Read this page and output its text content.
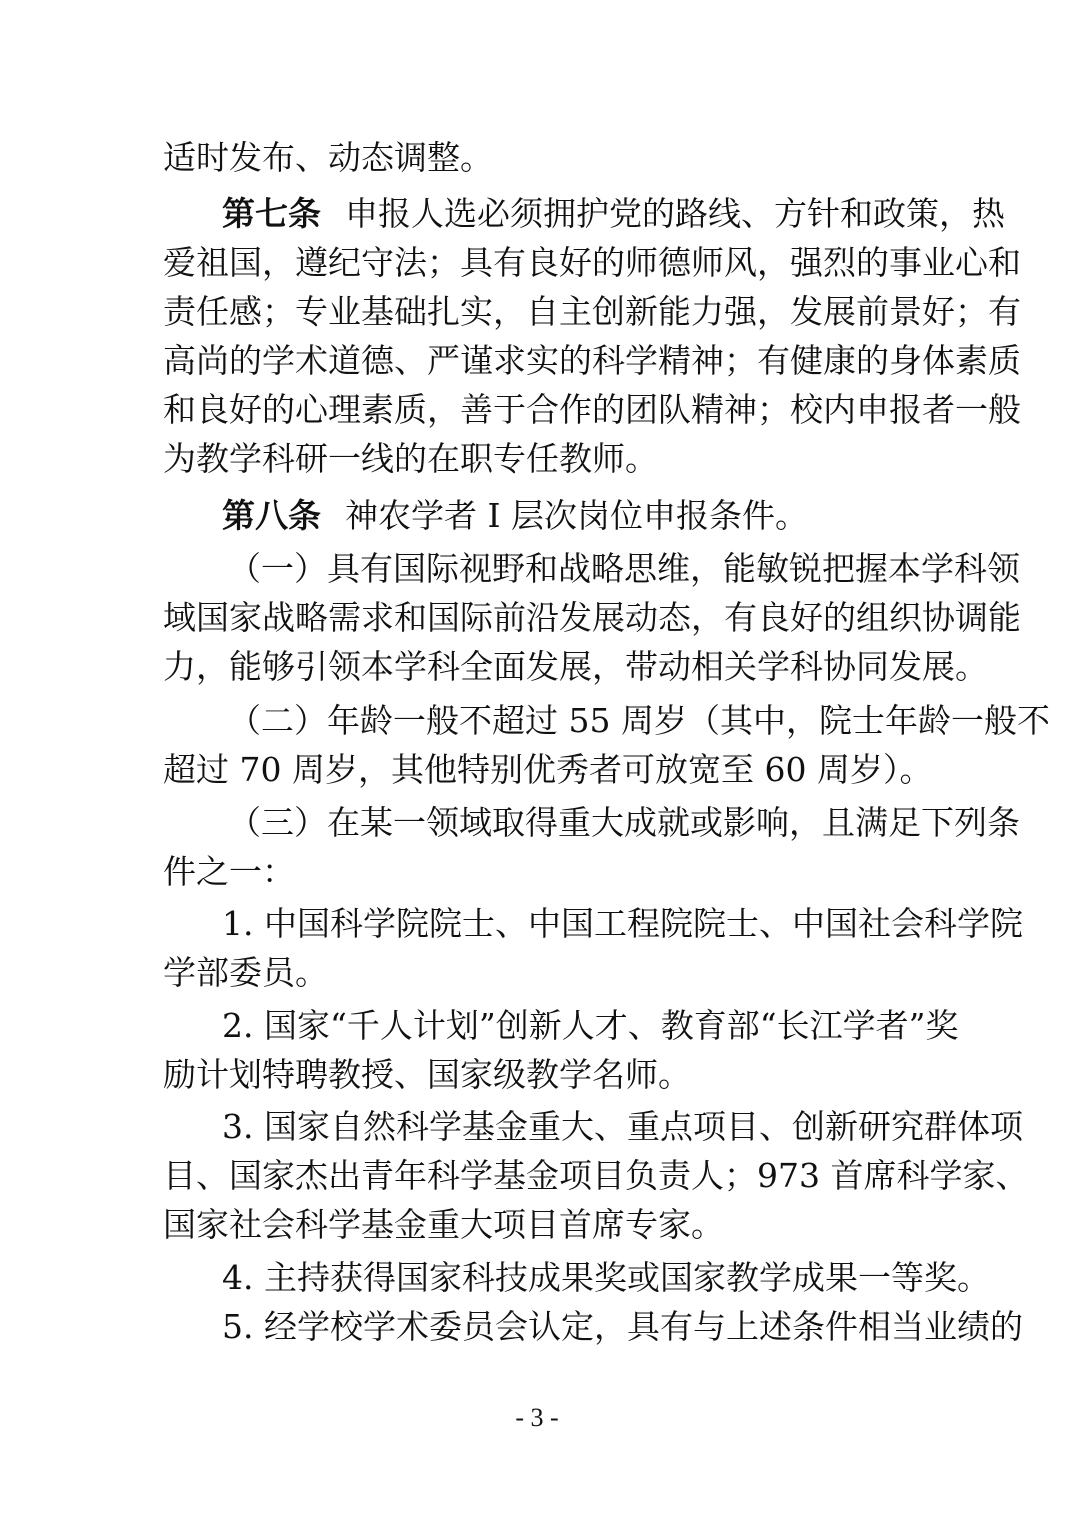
适时发布、动态调整。
第七条 申报人选必须拥护党的路线、方针和政策，热
爱祖国，遵纪守法；具有良好的师德师风，强烈的事业心和
责任感；专业基础扎实，自主创新能力强，发展前景好；有
高尚的学术道德、严谨求实的科学精神；有健康的身体素质
和良好的心理素质，善于合作的团队精神；校内申报者一般
为教学科研一线的在职专任教师。
第八条 神农学者 I 层次岗位申报条件。
（一）具有国际视野和战略思维，能敏锐把握本学科领
域国家战略需求和国际前沿发展动态，有良好的组织协调能
力，能够引领本学科全面发展，带动相关学科协同发展。
（二）年龄一般不超过 55 周岁（其中，院士年龄一般不
超过 70 周岁，其他特别优秀者可放宽至 60 周岁）。
（三）在某一领域取得重大成就或影响，且满足下列条
件之一：
1. 中国科学院院士、中国工程院院士、中国社会科学院
学部委员。
2. 国家“千人计划”创新人才、教育部“长江学者”奖
励计划特聘教授、国家级教学名师。
3. 国家自然科学基金重大、重点项目、创新研究群体项
目、国家杰出青年科学基金项目负责人；973 首席科学家、
国家社会科学基金重大项目首席专家。
4. 主持获得国家科技成果奖或国家教学成果一等奖。
5. 经学校学术委员会认定，具有与上述条件相当业绩的
- 3 -
